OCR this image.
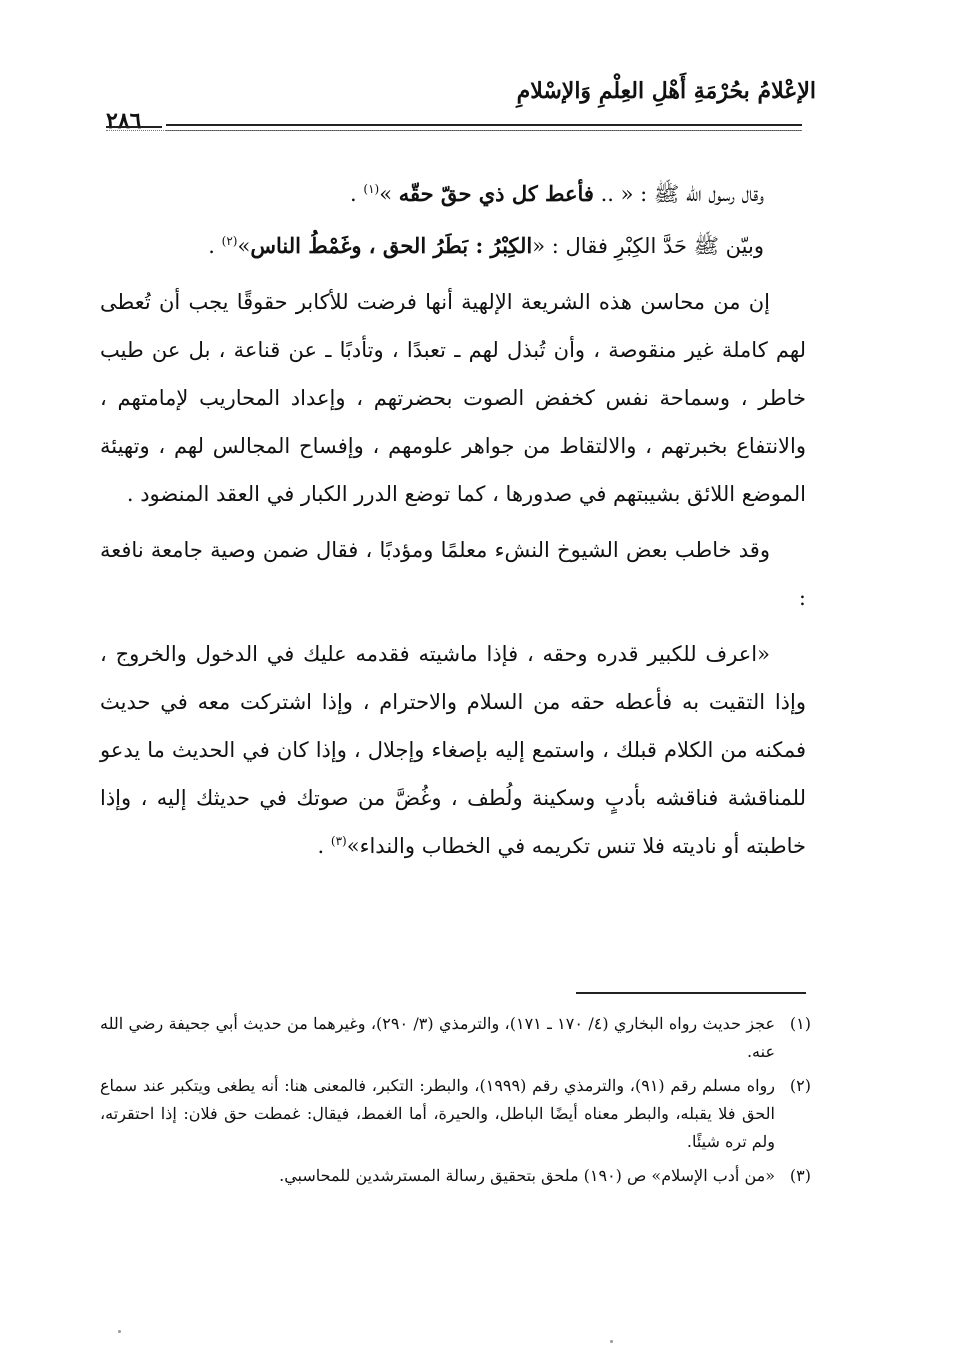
الإعْلامُ بحُرْمَةِ أَهْلِ العِلْمِ وَالإسْلامِ
٢٨٦

وقال رسول الله ﷺ : « .. فأعط كل ذي حقّ حقّه »$^{(١)}$ .

وبيّن ﷺ حَدَّ الكِبْرِ فقال : «الكِبْرُ : بَطَرُ الحق ، وغَمْطُ الناس»$^{(٢)}$ .

إن من محاسن هذه الشريعة الإلهية أنها فرضت للأكابر حقوقًا يجب أن تُعطى لهم كاملة غير منقوصة ، وأن تُبذل لهم ـ تعبدًا ، وتأدبًا ـ عن قناعة ، بل عن طيب خاطر ، وسماحة نفس كخفض الصوت بحضرتهم ، وإعداد المحاريب لإمامتهم ، والانتفاع بخبرتهم ، والالتقاط من جواهر علومهم ، وإفساح المجالس لهم ، وتهيئة الموضع اللائق بشيبتهم في صدورها ، كما توضع الدرر الكبار في العقد المنضود .

وقد خاطب بعض الشيوخ النشء معلمًا ومؤدبًا ، فقال ضمن وصية جامعة نافعة :

«اعرف للكبير قدره وحقه ، فإذا ماشيته فقدمه عليك في الدخول والخروج ، وإذا التقيت به فأعطه حقه من السلام والاحترام ، وإذا اشتركت معه في حديث فمكنه من الكلام قبلك ، واستمع إليه بإصغاء وإجلال ، وإذا كان في الحديث ما يدعو للمناقشة فناقشه بأدبٍ وسكينة ولُطف ، وغُضَّ من صوتك في حديثك إليه ، وإذا خاطبته أو ناديته فلا تنس تكريمه في الخطاب والنداء»$^{(٣)}$ .

(١)
عجز حديث رواه البخاري (٤/ ١٧٠ ـ ١٧١)، والترمذي (٣/ ٢٩٠)، وغيرهما من حديث أبي جحيفة رضي الله عنه.
(٢)
رواه مسلم رقم (٩١)، والترمذي رقم (١٩٩٩)، والبطر: التكبر، فالمعنى هنا: أنه يطغى ويتكبر عند سماع الحق فلا يقبله، والبطر معناه أيضًا الباطل، والحيرة، أما الغمط، فيقال: غمطت حق فلان: إذا احتقرته، ولم تره شيئًا.
(٣)
«من أدب الإسلام» ص (١٩٠) ملحق بتحقيق رسالة المسترشدين للمحاسبي.
